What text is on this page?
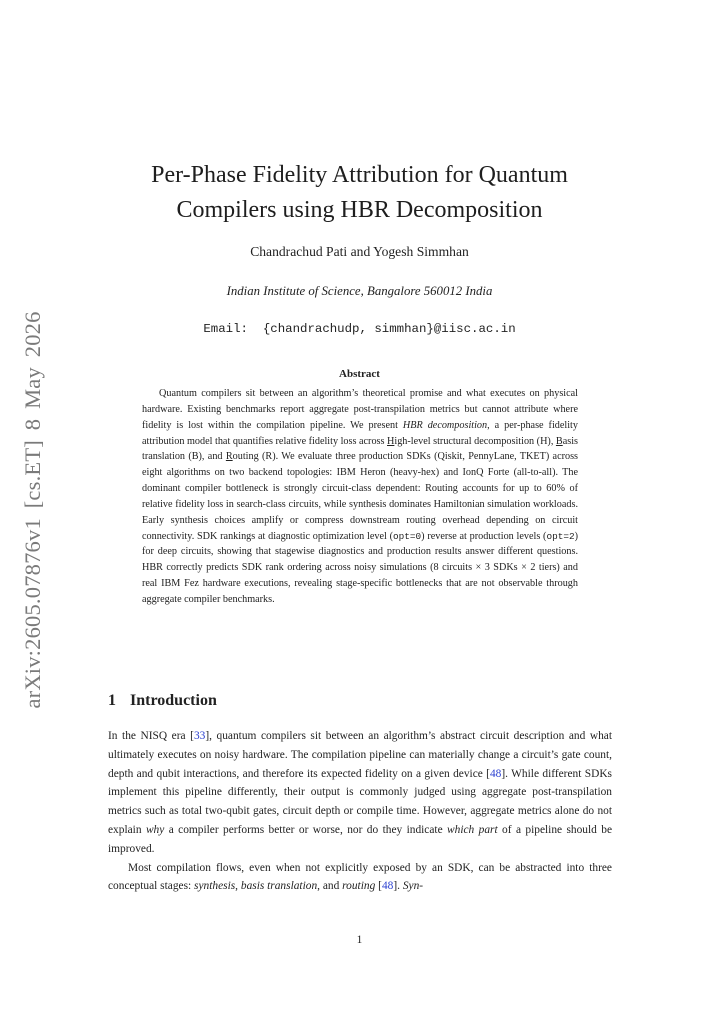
arXiv:2605.07876v1 [cs.ET] 8 May 2026
Per-Phase Fidelity Attribution for Quantum
Compilers using HBR Decomposition
Chandrachud Pati and Yogesh Simmhan
Indian Institute of Science, Bangalore 560012 India
Email:  {chandrachudp, simmhan}@iisc.ac.in
Abstract
Quantum compilers sit between an algorithm’s theoretical promise and what executes on physical hardware. Existing benchmarks report aggregate post-transpilation metrics but cannot attribute where fidelity is lost within the compilation pipeline. We present HBR decomposition, a per-phase fidelity attribution model that quantifies relative fidelity loss across High-level structural decomposition (H), Basis translation (B), and Routing (R). We evaluate three production SDKs (Qiskit, PennyLane, TKET) across eight algorithms on two backend topologies: IBM Heron (heavy-hex) and IonQ Forte (all-to-all). The dominant compiler bottleneck is strongly circuit-class dependent: Routing accounts for up to 60% of relative fidelity loss in search-class circuits, while synthesis dominates Hamiltonian simulation workloads. Early synthesis choices amplify or compress downstream routing overhead depending on circuit connectivity. SDK rankings at diagnostic optimization level (opt=0) reverse at production levels (opt=2) for deep circuits, showing that stagewise diagnostics and production results answer different questions. HBR correctly predicts SDK rank ordering across noisy simulations (8 circuits × 3 SDKs × 2 tiers) and real IBM Fez hardware executions, revealing stage-specific bottlenecks that are not observable through aggregate compiler benchmarks.
1 Introduction

In the NISQ era [33], quantum compilers sit between an algorithm’s abstract circuit description and what ultimately executes on noisy hardware. The compilation pipeline can materially change a circuit’s gate count, depth and qubit interactions, and therefore its expected fidelity on a given device [48]. While different SDKs implement this pipeline differently, their output is commonly judged using aggregate post-transpilation metrics such as total two-qubit gates, circuit depth or compile time. However, aggregate metrics alone do not explain why a compiler performs better or worse, nor do they indicate which part of a pipeline should be improved.

Most compilation flows, even when not explicitly exposed by an SDK, can be abstracted into three conceptual stages: synthesis, basis translation, and routing [48]. Syn-

1
